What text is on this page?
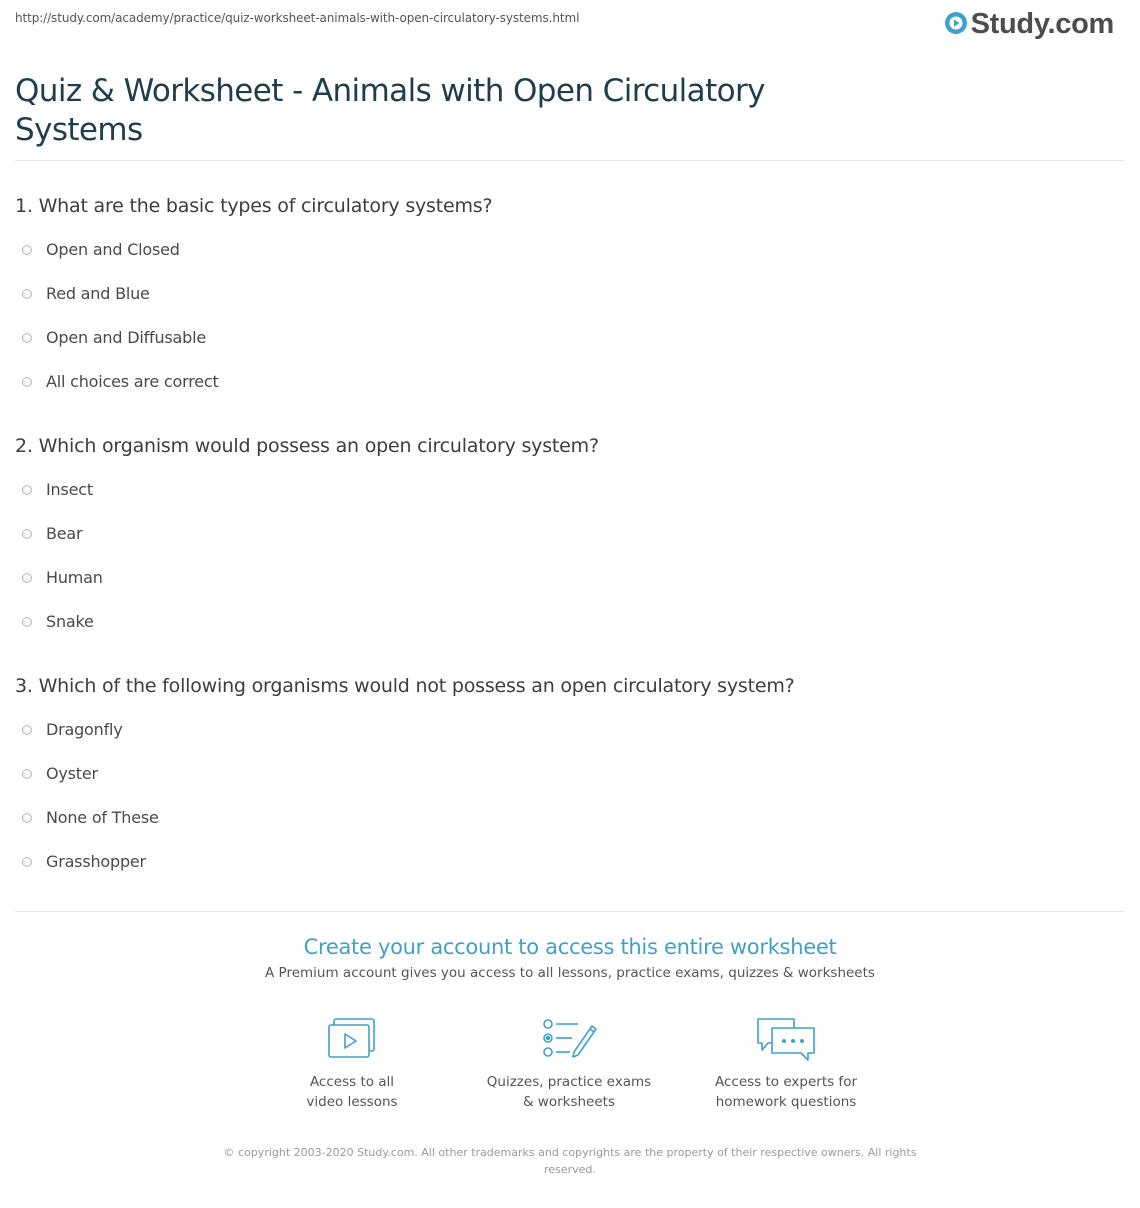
http://study.com/academy/practice/quiz-worksheet-animals-with-open-circulatory-systems.html	Study.com
Quiz & Worksheet - Animals with Open Circulatory Systems
1. What are the basic types of circulatory systems?
Open and Closed
Red and Blue
Open and Diffusable
All choices are correct
2. Which organism would possess an open circulatory system?
Insect
Bear
Human
Snake
3. Which of the following organisms would not possess an open circulatory system?
Dragonfly
Oyster
None of These
Grasshopper
Create your account to access this entire worksheet
A Premium account gives you access to all lessons, practice exams, quizzes & worksheets
Access to all
video lessons
Quizzes, practice exams
& worksheets
Access to experts for
homework questions
© copyright 2003-2020 Study.com. All other trademarks and copyrights are the property of their respective owners. All rights reserved.
